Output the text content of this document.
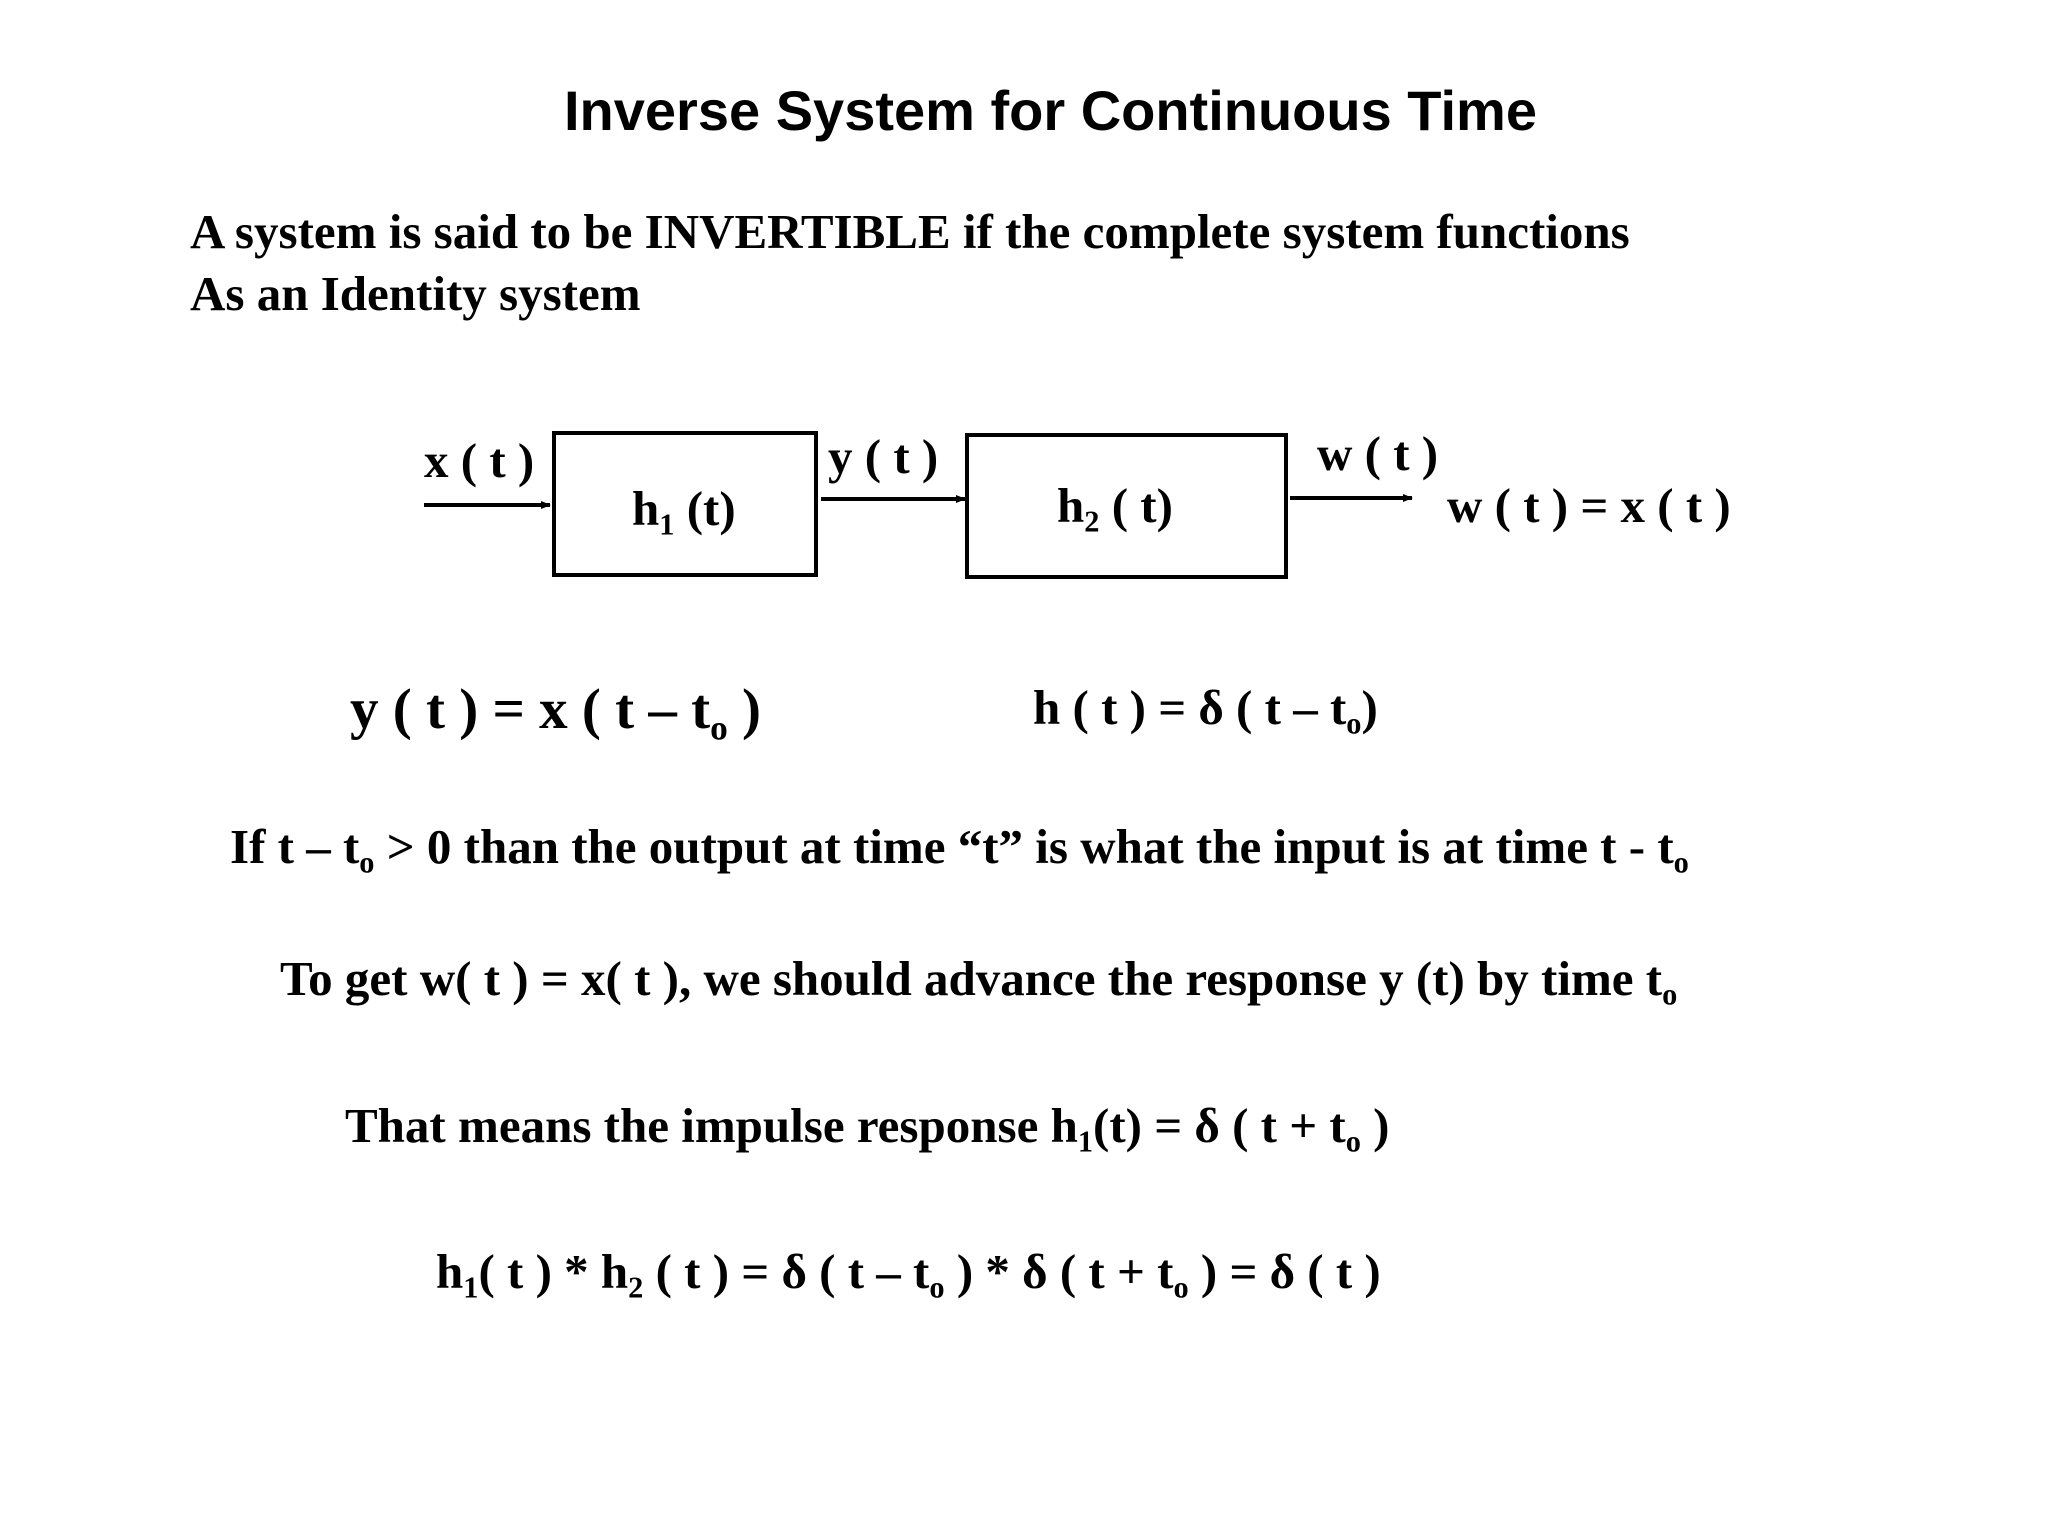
Inverse System for Continuous Time
A system is said to be INVERTIBLE if the complete system functions
As an Identity system
x ( t )
$h_1$ (t)
y ( t )
$h_2$ ( t)
w ( t )
w ( t ) = x ( t )
y ( t ) = x ( t – $t_o$ )	h ( t ) = δ ( t – $t_o$)
If $t - t_o > 0$ than the output at time “t” is what the input is at time t - $t_o$
To get w( t ) = x( t ), we should advance the response y (t) by time $t_o$
That means the impulse response $h_1(t) = \delta$ ( $t + t_o$ )
$h_1$( t ) * $h_2$ ( t ) = δ ( t – $t_o$ ) * δ ( $t + t_o$ ) = δ ( t )
